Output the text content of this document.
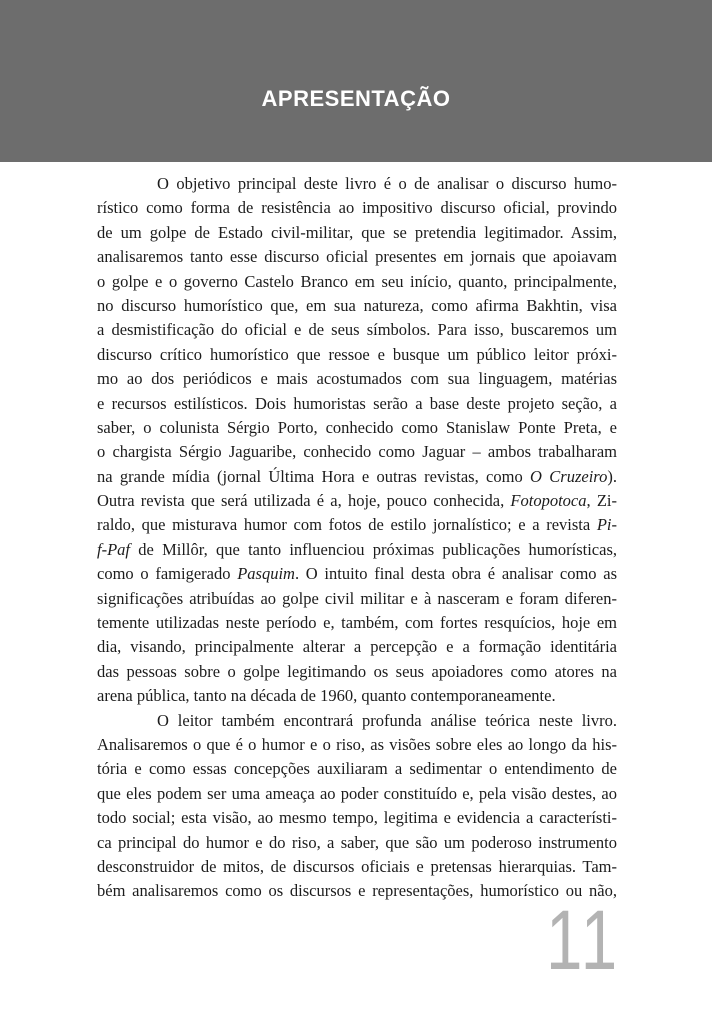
APRESENTAÇÃO
O objetivo principal deste livro é o de analisar o discurso humo-
rístico como forma de resistência ao impositivo discurso oficial, provindo
de um golpe de Estado civil-militar, que se pretendia legitimador. Assim,
analisaremos tanto esse discurso oficial presentes em jornais que apoiavam
o golpe e o governo Castelo Branco em seu início, quanto, principalmente,
no discurso humorístico que, em sua natureza, como afirma Bakhtin, visa
a desmistificação do oficial e de seus símbolos. Para isso, buscaremos um
discurso crítico humorístico que ressoe e busque um público leitor próxi-
mo ao dos periódicos e mais acostumados com sua linguagem, matérias
e recursos estilísticos. Dois humoristas serão a base deste projeto seção, a
saber, o colunista Sérgio Porto, conhecido como Stanislaw Ponte Preta, e
o chargista Sérgio Jaguaribe, conhecido como Jaguar – ambos trabalharam
na grande mídia (jornal Última Hora e outras revistas, como O Cruzeiro).
Outra revista que será utilizada é a, hoje, pouco conhecida, Fotopotoca, Zi-
raldo, que misturava humor com fotos de estilo jornalístico; e a revista Pi-
f-Paf de Millôr, que tanto influenciou próximas publicações humorísticas,
como o famigerado Pasquim. O intuito final desta obra é analisar como as
significações atribuídas ao golpe civil militar e à nasceram e foram diferen-
temente utilizadas neste período e, também, com fortes resquícios, hoje em
dia, visando, principalmente alterar a percepção e a formação identitária
das pessoas sobre o golpe legitimando os seus apoiadores como atores na
arena pública, tanto na década de 1960, quanto contemporaneamente.
O leitor também encontrará profunda análise teórica neste livro.
Analisaremos o que é o humor e o riso, as visões sobre eles ao longo da his-
tória e como essas concepções auxiliaram a sedimentar o entendimento de
que eles podem ser uma ameaça ao poder constituído e, pela visão destes, ao
todo social; esta visão, ao mesmo tempo, legitima e evidencia a característi-
ca principal do humor e do riso, a saber, que são um poderoso instrumento
desconstruidor de mitos, de discursos oficiais e pretensas hierarquias. Tam-
bém analisaremos como os discursos e representações, humorístico ou não,
11
